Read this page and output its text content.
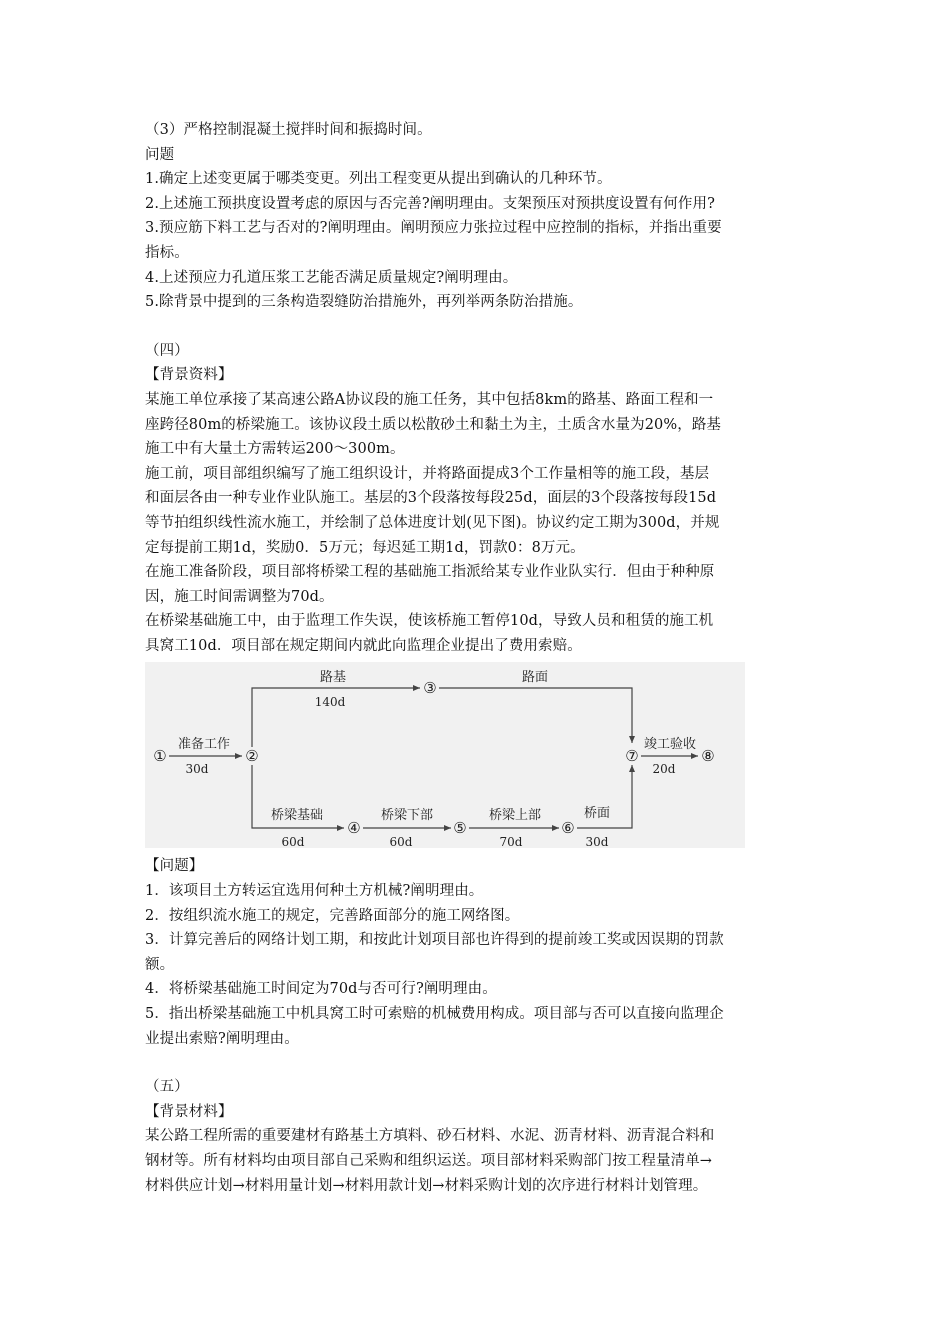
（3）严格控制混凝土搅拌时间和振捣时间。
问题
1.确定上述变更属于哪类变更。列出工程变更从提出到确认的几种环节。
2.上述施工预拱度设置考虑的原因与否完善?阐明理由。支架预压对预拱度设置有何作用?
3.预应筋下料工艺与否对的?阐明理由。阐明预应力张拉过程中应控制的指标，并指出重要
指标。
4.上述预应力孔道压浆工艺能否满足质量规定?阐明理由。
5.除背景中提到的三条构造裂缝防治措施外，再列举两条防治措施。
（四）
【背景资料】
某施工单位承接了某高速公路A协议段的施工任务，其中包括8km的路基、路面工程和一
座跨径80m的桥梁施工。该协议段土质以松散砂土和黏土为主，土质含水量为20%，路基
施工中有大量土方需转运200～300m。
施工前，项目部组织编写了施工组织设计，并将路面提成3个工作量相等的施工段，基层
和面层各由一种专业作业队施工。基层的3个段落按每段25d，面层的3个段落按每段15d
等节拍组织线性流水施工，并绘制了总体进度计划(见下图)。协议约定工期为300d，并规
定每提前工期1d，奖励0．5万元；每迟延工期1d，罚款0：8万元。
在施工准备阶段，项目部将桥梁工程的基础施工指派给某专业作业队实行．但由于种种原
因，施工时间需调整为70d。
在桥梁基础施工中，由于监理工作失误，使该桥施工暂停10d，导致人员和租赁的施工机
具窝工10d．项目部在规定期间内就此向监理企业提出了费用索赔。
①	②
③
④	⑤	⑥
⑦	⑧
准备工作
30d
路基
140d
路面
桥梁基础
60d
桥梁下部
60d
桥梁上部
70d
桥面
30d
竣工验收
20d
【问题】
1．该项目土方转运宜选用何种土方机械?阐明理由。
2．按组织流水施工的规定，完善路面部分的施工网络图。
3．计算完善后的网络计划工期，和按此计划项目部也许得到的提前竣工奖或因误期的罚款
额。
4．将桥梁基础施工时间定为70d与否可行?阐明理由。
5．指出桥梁基础施工中机具窝工时可索赔的机械费用构成。项目部与否可以直接向监理企
业提出索赔?阐明理由。
（五）
【背景材料】
某公路工程所需的重要建材有路基土方填料、砂石材料、水泥、沥青材料、沥青混合料和
钢材等。所有材料均由项目部自己采购和组织运送。项目部材料采购部门按工程量清单→
材料供应计划→材料用量计划→材料用款计划→材料采购计划的次序进行材料计划管理。
